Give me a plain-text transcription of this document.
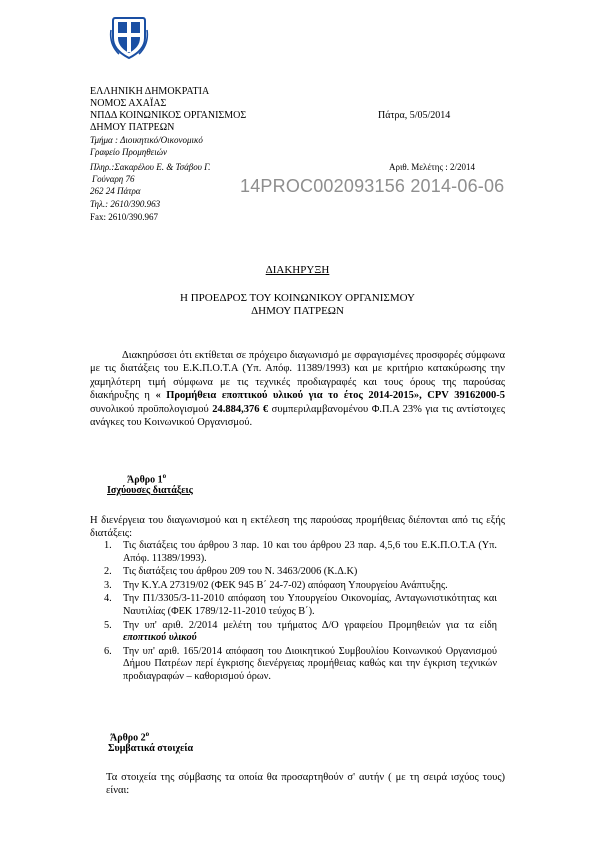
ΕΛΛΗΝΙΚΗ ΔΗΜΟΚΡΑΤΙΑ
ΝΟΜΟΣ ΑΧΑΪΑΣ
ΝΠΔΔ ΚΟΙΝΩΝΙΚΟΣ ΟΡΓΑΝΙΣΜΟΣ
ΔΗΜΟΥ ΠΑΤΡΕΩΝ
Πάτρα, 5/05/2014
Τμήμα : Διοικητικό/Οικονομικό
Γραφείο Προμηθειών
Πληρ.:Σακαρέλου Ε. & Τσάβου Γ.	Αριθ. Μελέτης : 2/2014
Γούναρη 76
262 24 Πάτρα
Τηλ.: 2610/390.963
Fax: 2610/390.967
14PROC002093156 2014-06-06
ΔΙΑΚΗΡΥΞΗ
Η ΠΡΟΕΔΡΟΣ ΤΟΥ ΚΟΙΝΩΝΙΚΟΥ ΟΡΓΑΝΙΣΜΟΥ
ΔΗΜΟΥ ΠΑΤΡΕΩΝ
Διακηρύσσει ότι εκτίθεται σε πρόχειρο διαγωνισμό με σφραγισμένες προσφορές σύμφωνα με τις διατάξεις του Ε.Κ.Π.Ο.Τ.Α (Υπ. Απόφ. 11389/1993) και με κριτήριο κατακύρωσης την χαμηλότερη τιμή σύμφωνα με τις τεχνικές προδιαγραφές και τους όρους της παρούσας διακήρυξης η « Προμήθεια εποπτικού υλικού για το έτος 2014-2015», CPV 39162000-5 συνολικού προϋπολογισμού 24.884,376 € συμπεριλαμβανομένου Φ.Π.Α 23% για τις αντίστοιχες ανάγκες του Κοινωνικού Οργανισμού.
Άρθρο $1^o$
Ισχύουσες διατάξεις
Η διενέργεια του διαγωνισμού και η εκτέλεση της παρούσας προμήθειας διέπονται από τις εξής διατάξεις:
1. Τις διατάξεις του άρθρου 3 παρ. 10 και του άρθρου 23 παρ. 4,5,6 του Ε.Κ.Π.Ο.Τ.Α (Υπ. Απόφ. 11389/1993).
2. Τις διατάξεις του άρθρου 209 του Ν. 3463/2006 (Κ.Δ.Κ)
3. Την Κ.Υ.Α 27319/02 (ΦΕΚ 945 Β΄ 24-7-02) απόφαση Υπουργείου Ανάπτυξης.
4. Την Π1/3305/3-11-2010 απόφαση του Υπουργείου Οικονομίας, Ανταγωνιστικότητας και Ναυτιλίας (ΦΕΚ 1789/12-11-2010 τεύχος Β΄).
5. Την υπ' αριθ. 2/2014 μελέτη του τμήματος Δ/Ο γραφείου Προμηθειών για τα είδη εποπτικού υλικού
6. Την υπ' αριθ. 165/2014 απόφαση του Διοικητικού Συμβουλίου Κοινωνικού Οργανισμού Δήμου Πατρέων περί έγκρισης διενέργειας προμήθειας καθώς και την έγκριση τεχνικών προδιαγραφών – καθορισμού όρων.
Άρθρο $2^o$
Συμβατικά στοιχεία
Τα στοιχεία της σύμβασης τα οποία θα προσαρτηθούν σ' αυτήν ( με τη σειρά ισχύος τους) είναι:
